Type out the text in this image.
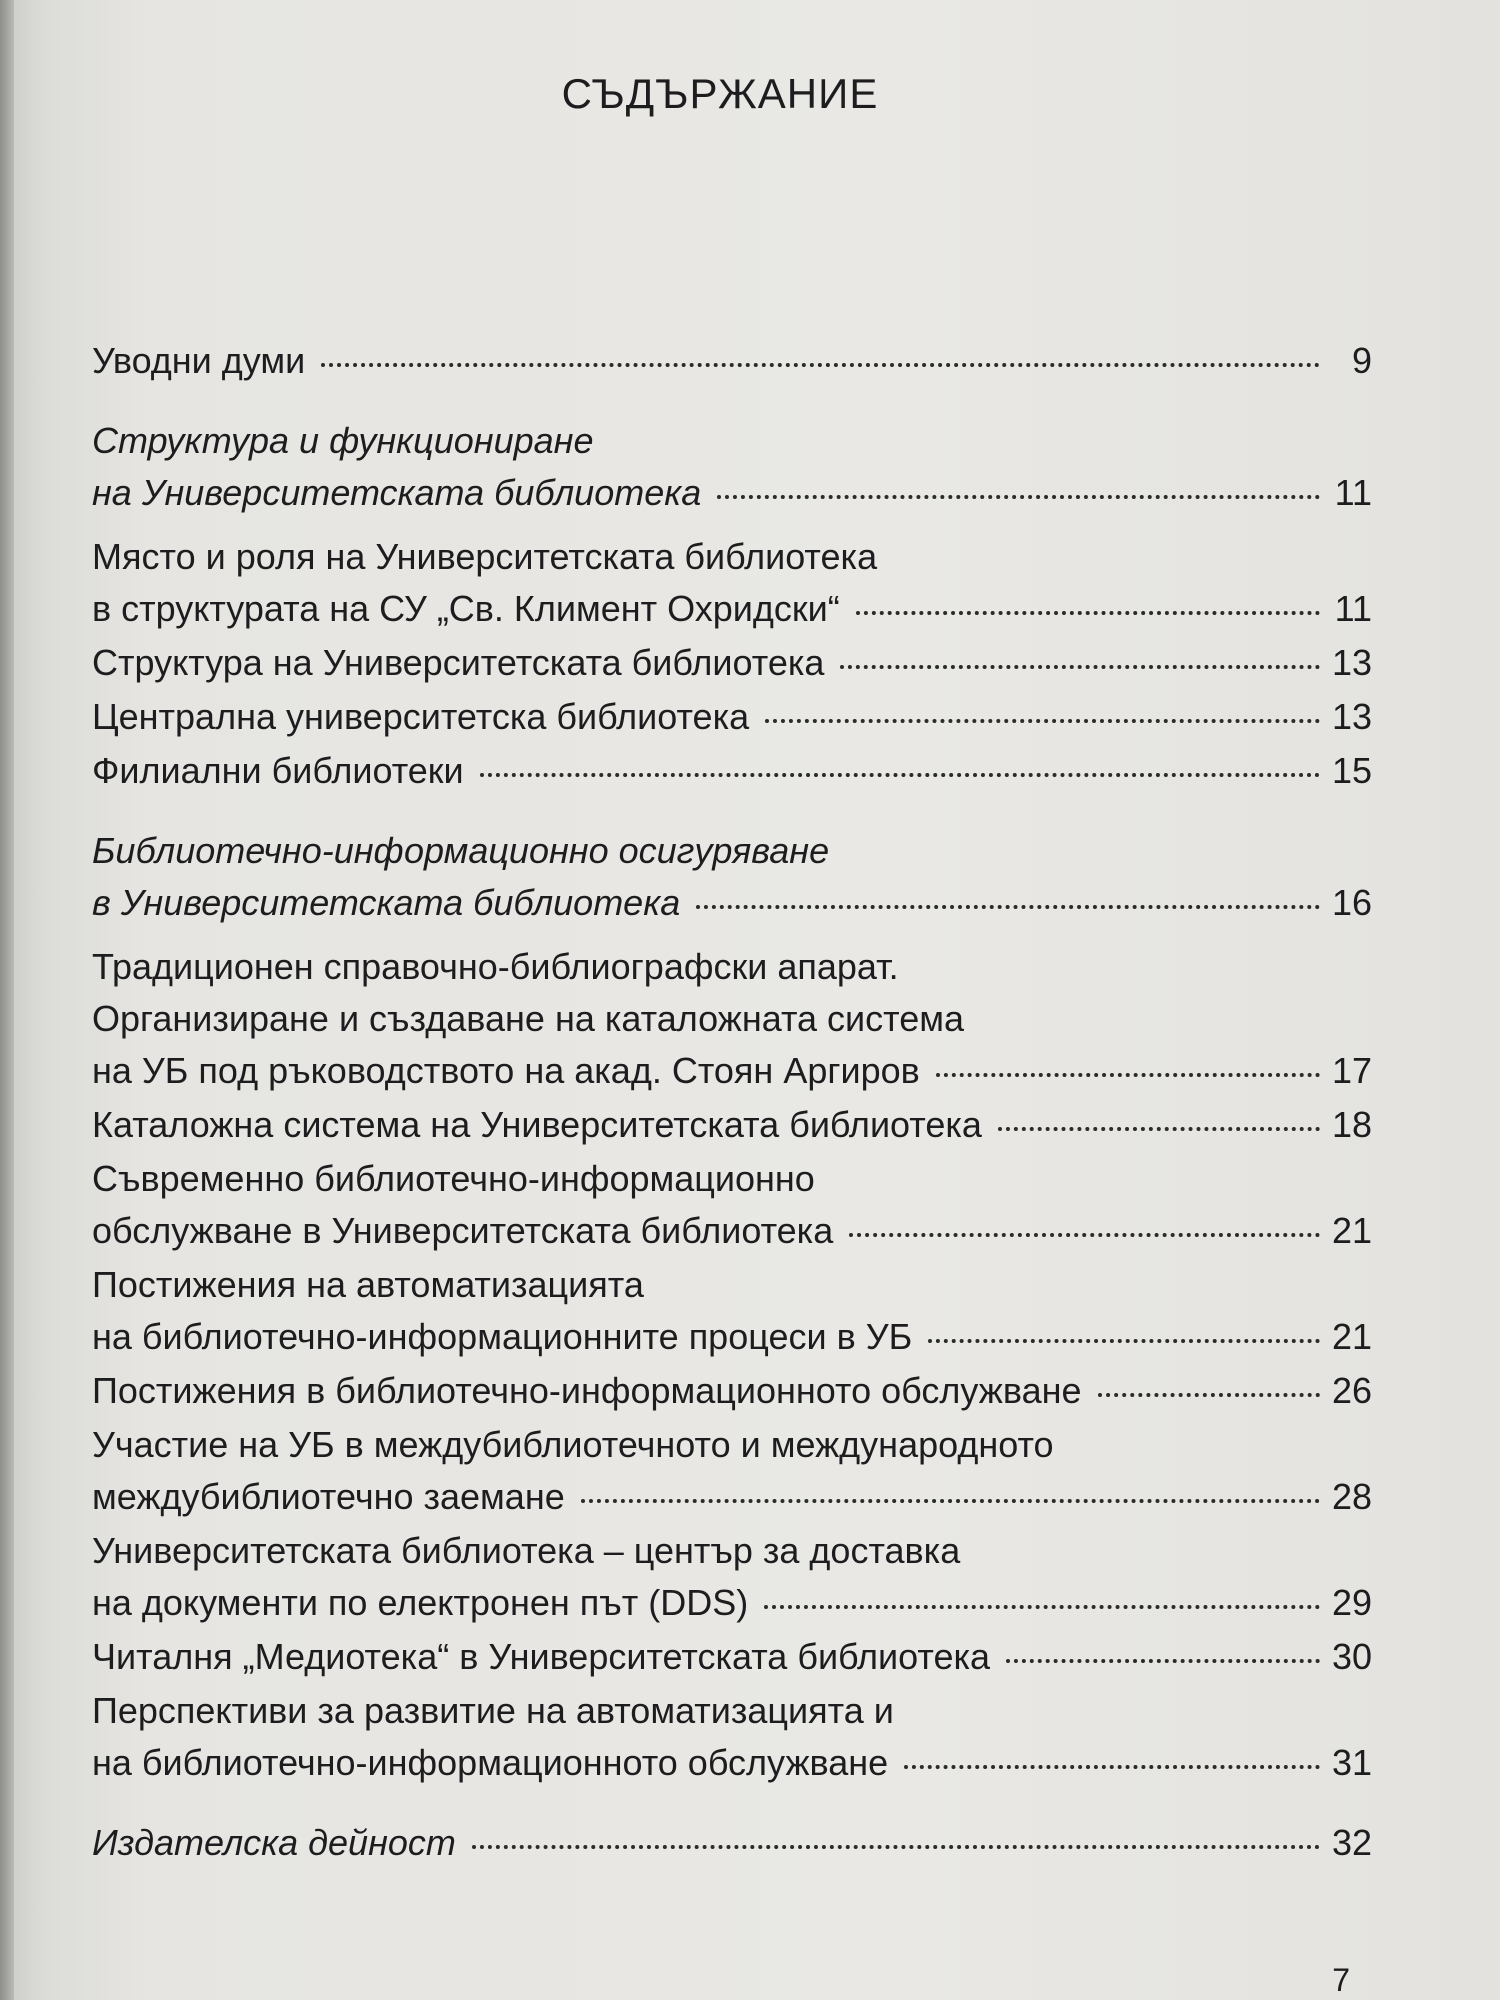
СЪДЪРЖАНИЕ
Уводни думи	9
Структура и функциониране
на Университетската библиотека	11
Място и роля на Университетската библиотека
в структурата на СУ „Св. Климент Охридски“	11
Структура на Университетската библиотека	13
Централна университетска библиотека	13
Филиални библиотеки	15
Библиотечно-информационно осигуряване
в Университетската библиотека	16
Традиционен справочно-библиографски апарат.
Организиране и създаване на каталожната система
на УБ под ръководството на акад. Стоян Аргиров	17
Каталожна система на Университетската библиотека	18
Съвременно библиотечно-информационно
обслужване в Университетската библиотека	21
Постижения на автоматизацията
на библиотечно-информационните процеси в УБ	21
Постижения в библиотечно-информационното обслужване	26
Участие на УБ в междубиблиотечното и международното
междубиблиотечно заемане	28
Университетската библиотека – център за доставка
на документи по електронен път (DDS)	29
Читалня „Медиотека“ в Университетската библиотека	30
Перспективи за развитие на автоматизацията и
на библиотечно-информационното обслужване	31
Издателска дейност	32
7
